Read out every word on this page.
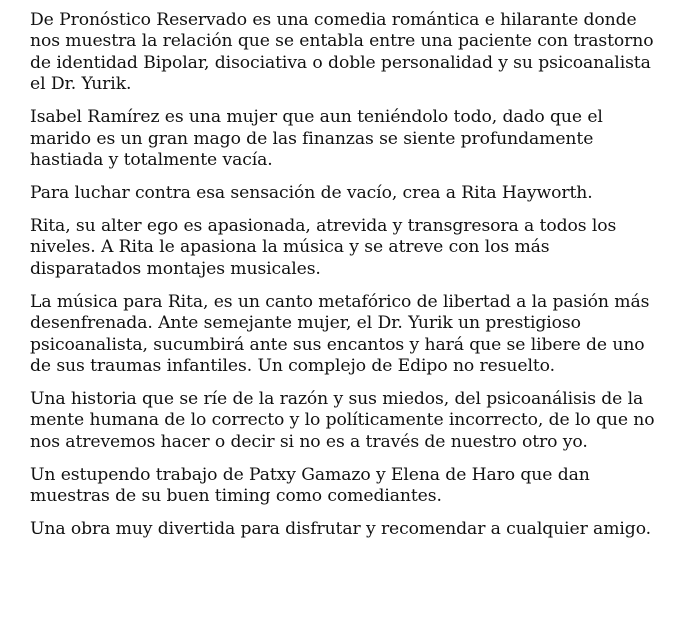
De Pronóstico Reservado es una comedia romántica e hilarante donde nos muestra la relación que se entabla entre una paciente con trastorno de identidad Bipolar, disociativa o doble personalidad y su psicoanalista el Dr. Yurik.

Isabel Ramírez es una mujer que aun teniéndolo todo, dado que el marido es un gran mago de las finanzas se siente profundamente hastiada y totalmente vacía.

Para luchar contra esa sensación de vacío, crea a Rita Hayworth.

Rita, su alter ego es apasionada, atrevida y transgresora a todos los niveles. A Rita le apasiona la música y se atreve con los más disparatados montajes musicales.

La música para Rita, es un canto metafórico de libertad a la pasión más desenfrenada. Ante semejante mujer, el Dr. Yurik un prestigioso psicoanalista, sucumbirá ante sus encantos y hará que se libere de uno de sus traumas infantiles. Un complejo de Edipo no resuelto.

Una historia que se ríe de la razón y sus miedos, del psicoanálisis de la mente humana de lo correcto y lo políticamente incorrecto, de lo que no nos atrevemos hacer o decir si no es a través de nuestro otro yo.

Un estupendo trabajo de Patxy Gamazo y Elena de Haro que dan muestras de su buen timing como comediantes.

Una obra muy divertida para disfrutar y recomendar a cualquier amigo.
